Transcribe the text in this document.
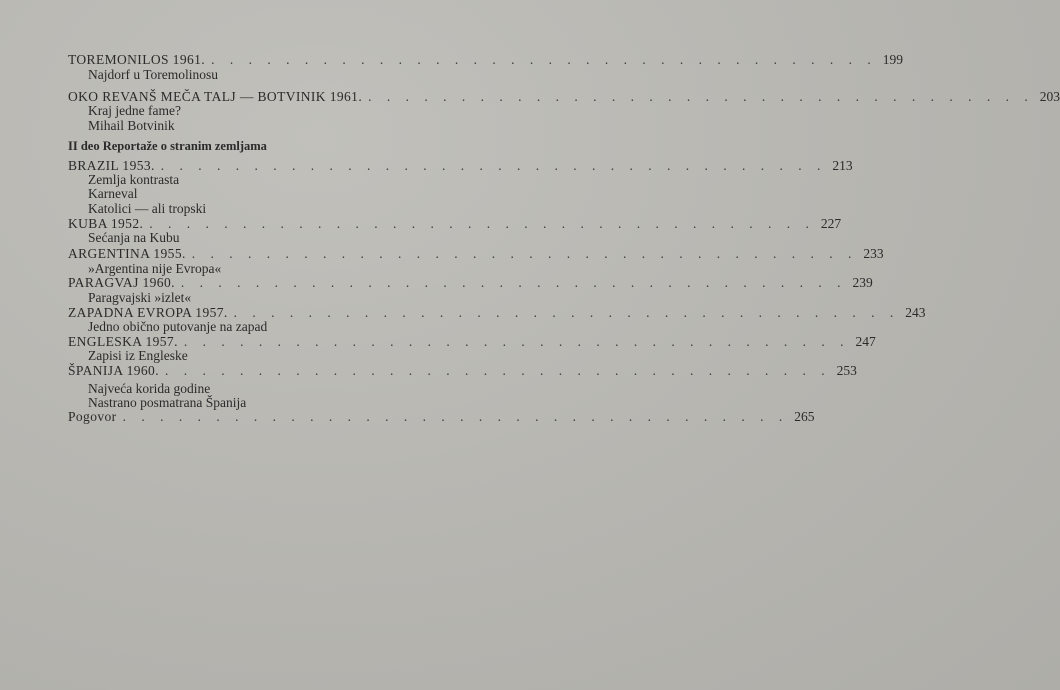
TOREMONILOS 1961. . . . . . . . . . . . . . . . . . . . . . . . . . . . . . . . . . . . . 199
Najdorf u Toremolinosu
OKO REVANŠ MEČA TALJ — BOTVINIK 1961. . . . . . . . . . . . . . . . . . . . . . . . . . . . . . . . . . . . . 203
Kraj jedne fame?
Mihail Botvinik
II deo Reportaže o stranim zemljama
BRAZIL 1953. . . . . . . . . . . . . . . . . . . . . . . . . . . . . . . . . . . . . 213
Zemlja kontrasta
Karneval
Katolici — ali tropski
KUBA 1952. . . . . . . . . . . . . . . . . . . . . . . . . . . . . . . . . . . . . 227
Sećanja na Kubu
ARGENTINA 1955. . . . . . . . . . . . . . . . . . . . . . . . . . . . . . . . . . . . . 233
»Argentina nije Evropa«
PARAGVAJ 1960. . . . . . . . . . . . . . . . . . . . . . . . . . . . . . . . . . . . . 239
Paragvajski »izlet«
ZAPADNA EVROPA 1957. . . . . . . . . . . . . . . . . . . . . . . . . . . . . . . . . . . . . 243
Jedno obično putovanje na zapad
ENGLESKA 1957. . . . . . . . . . . . . . . . . . . . . . . . . . . . . . . . . . . . . 247
Zapisi iz Engleske
ŠPANIJA 1960. . . . . . . . . . . . . . . . . . . . . . . . . . . . . . . . . . . . . 253
Najveća korida godine
Nastrano posmatrana Španija
Pogovor . . . . . . . . . . . . . . . . . . . . . . . . . . . . . . . . . . . . 265
